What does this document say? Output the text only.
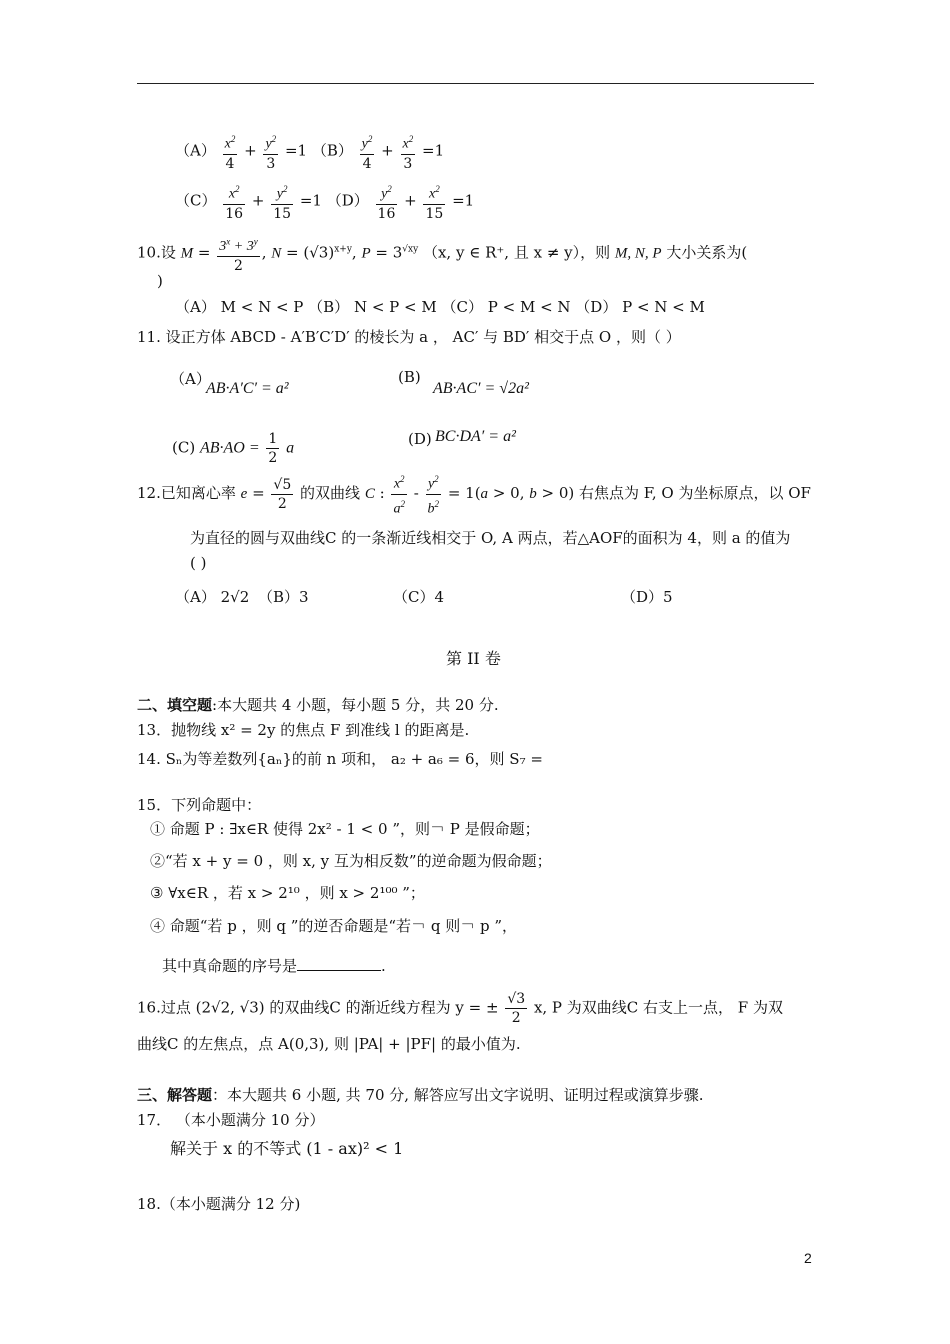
$(A) \frac{x^2}{4} + \frac{y^2}{3} =1$ $(B) \frac{y^2}{4} + \frac{x^2}{3} =1$
$(C) \frac{x^2}{16} + \frac{y^2}{15} =1$ $(D) \frac{y^2}{16} + \frac{x^2}{15} =1$
10.设 $M = \frac{3^x + 3^y}{2}$ , $N = (√3)^{x+y}$, $P = 3^{√xy}$ （x, y ∈ R⁺, 且 x ≠ y），则 M, N, P 大小关系为(
)
（A） M < N < P （B） N < P < M （C） P < M < N （D） P < N < M
11. 设正方体 ABCD - A′B′C′D′ 的棱长为 a ， AC′ 与 BD′ 相交于点 O ，则（ ）
（A）
AB·A′C′ = a²
(B)
AB·AC′ = √2a²
(C) $AB\cdot AO = \frac{1}{2}$ a	(D) BC·DA′ = a²
12.已知离心率 $e = \frac{√5}{2}$ 的双曲线 C : $\frac{x^2}{a^2} - \frac{y^2}{b^2} = 1(a > 0$, b > 0) 右焦点为 F, O 为坐标原点，以 OF
为直径的圆与双曲线C 的一条渐近线相交于 O, A 两点，若△AOF的面积为 4，则 a 的值为
( )
（A） 2√2 （B）3	（C）4	（D）5
第 II 卷
二、填空题:本大题共 4 小题，每小题 5 分，共 20 分.
13．抛物线 x² = 2y 的焦点 F 到准线 l 的距离是.
14. Sₙ为等差数列{aₙ}的前 n 项和， a₂ + a₆ = 6，则 S₇ =
15．下列命题中：
① 命题 P : ∃x∈R 使得 2x² - 1 < 0 ”，则￢ P 是假命题；
②“若 x + y = 0 ，则 x, y 互为相反数”的逆命题为假命题；
③ ∀x∈R ，若 x > 2¹⁰ ，则 x > 2¹⁰⁰ ”；
④ 命题“若 p ，则 q ”的逆否命题是“若￢ q 则￢ p ”，
其中真命题的序号是	.
16.过点 (2√2, √3) 的双曲线C 的渐近线方程为 y = ± $\frac{√3}{2} x$, P 为双曲线C 右支上一点， F 为双
曲线C 的左焦点，点 A(0,3), 则 |PA| + |PF| 的最小值为.
三、解答题：本大题共 6 小题, 共 70 分, 解答应写出文字说明、证明过程或演算步骤.
17． （本小题满分 10 分）
解关于 x 的不等式 (1 - ax)² < 1
18.（本小题满分 12 分)
2
